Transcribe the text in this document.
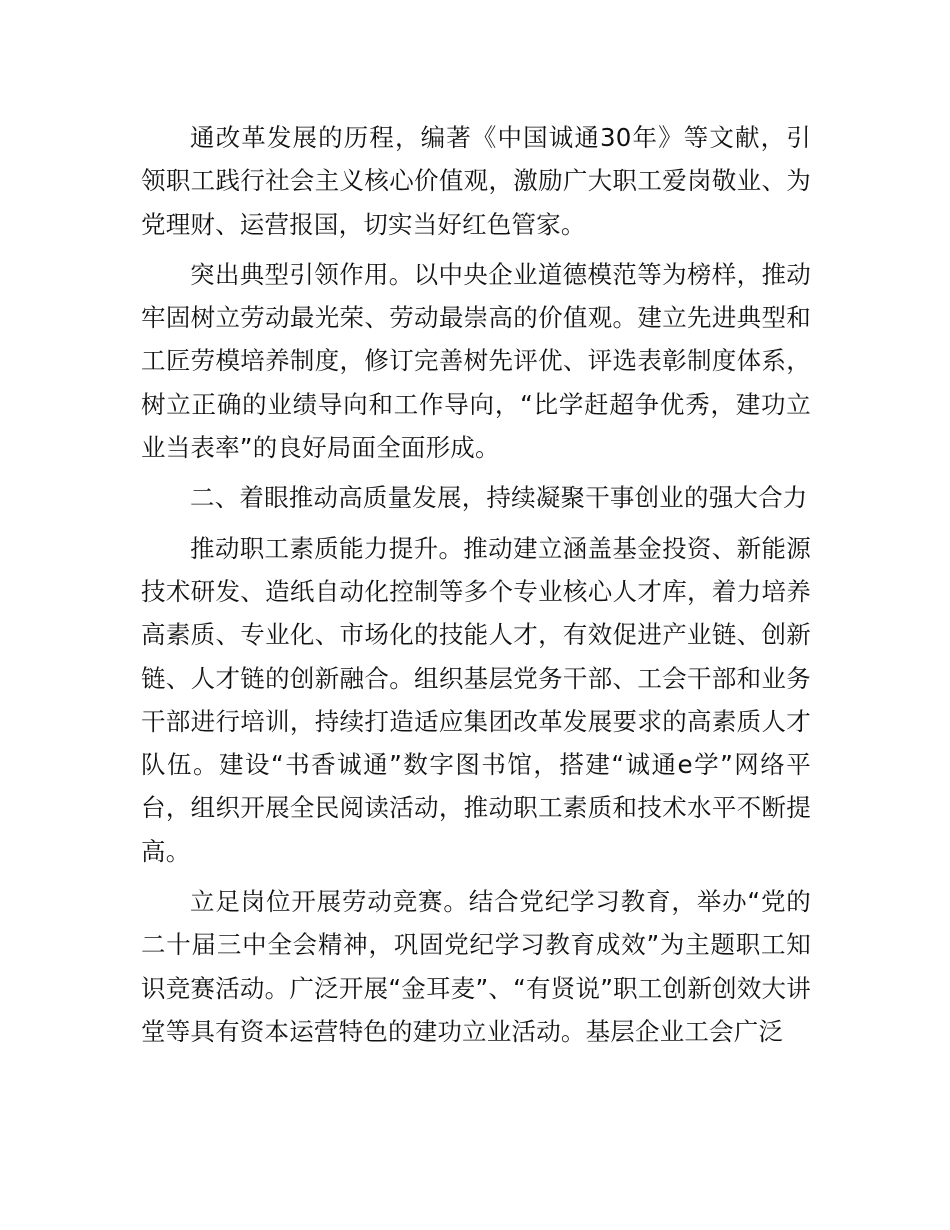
通改革发展的历程，编著《中国诚通30年》等文献，引领职工践行社会主义核心价值观，激励广大职工爱岗敬业、为党理财、运营报国，切实当好红色管家。

突出典型引领作用。以中央企业道德模范等为榜样，推动牢固树立劳动最光荣、劳动最崇高的价值观。建立先进典型和工匠劳模培养制度，修订完善树先评优、评选表彰制度体系，树立正确的业绩导向和工作导向，“比学赶超争优秀，建功立业当表率”的良好局面全面形成。

二、着眼推动高质量发展，持续凝聚干事创业的强大合力

推动职工素质能力提升。推动建立涵盖基金投资、新能源技术研发、造纸自动化控制等多个专业核心人才库，着力培养高素质、专业化、市场化的技能人才，有效促进产业链、创新链、人才链的创新融合。组织基层党务干部、工会干部和业务干部进行培训，持续打造适应集团改革发展要求的高素质人才队伍。建设“书香诚通”数字图书馆，搭建“诚通e学”网络平台，组织开展全民阅读活动，推动职工素质和技术水平不断提高。

立足岗位开展劳动竞赛。结合党纪学习教育，举办“党的二十届三中全会精神，巩固党纪学习教育成效”为主题职工知识竞赛活动。广泛开展“金耳麦”、“有贤说”职工创新创效大讲堂等具有资本运营特色的建功立业活动。基层企业工会广泛
